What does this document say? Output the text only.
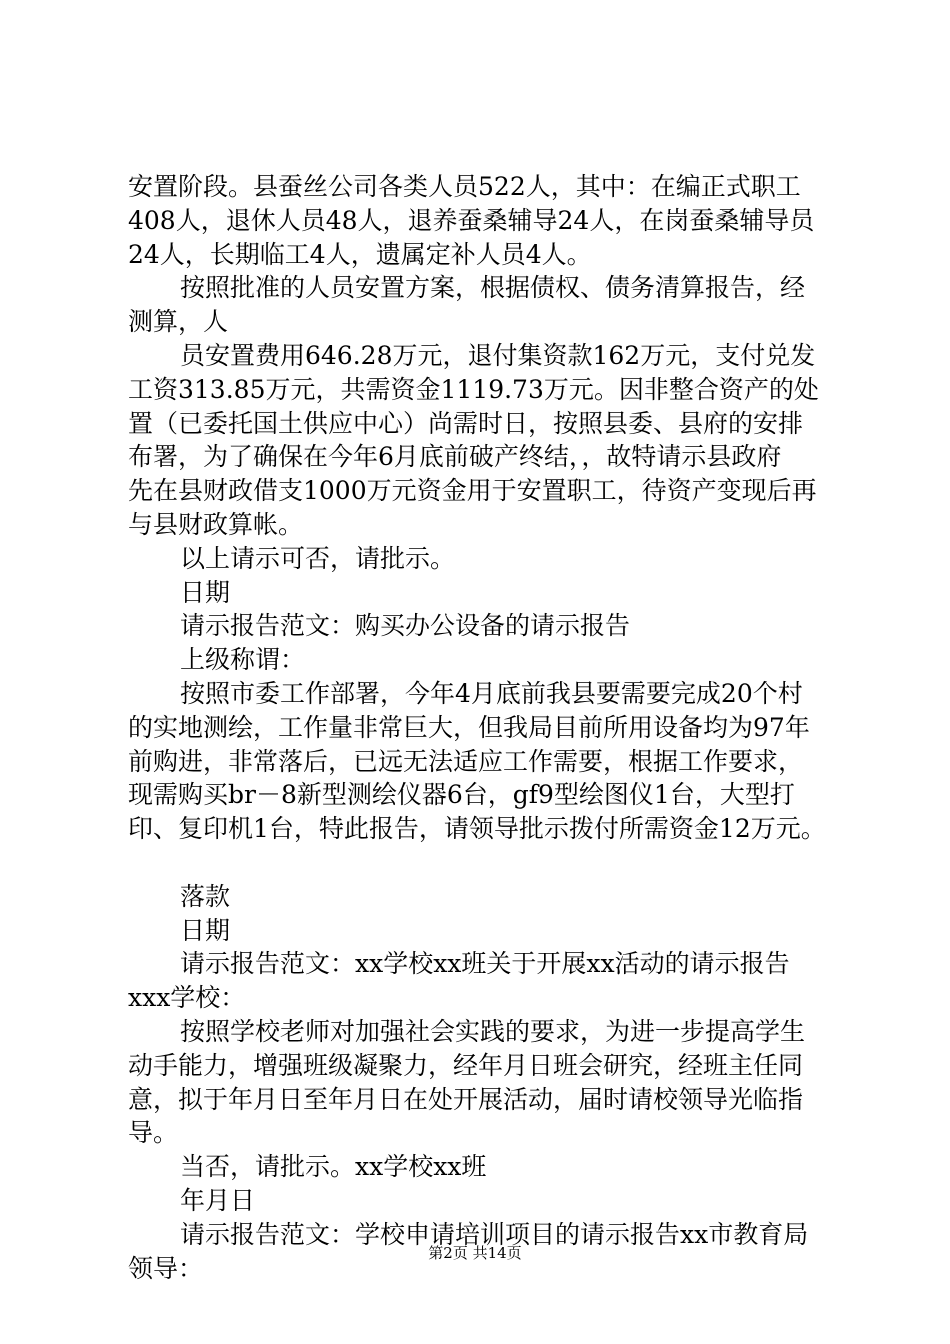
安置阶段。县蚕丝公司各类人员522人，其中：在编正式职工
408人，退休人员48人，退养蚕桑辅导24人，在岗蚕桑辅导员
24人，长期临工4人，遗属定补人员4人。
按照批准的人员安置方案，根据债权、债务清算报告，经
测算，人
员安置费用646.28万元，退付集资款162万元，支付兑发
工资313.85万元，共需资金1119.73万元。因非整合资产的处
置（已委托国土供应中心）尚需时日，按照县委、县府的安排
布署，为了确保在今年6月底前破产终结，，故特请示县政府
先在县财政借支1000万元资金用于安置职工，待资产变现后再
与县财政算帐。
以上请示可否，请批示。
日期
请示报告范文：购买办公设备的请示报告
上级称谓：
按照市委工作部署，今年4月底前我县要需要完成20个村
的实地测绘，工作量非常巨大，但我局目前所用设备均为97年
前购进，非常落后，已远无法适应工作需要，根据工作要求，
现需购买br－8新型测绘仪器6台，gf9型绘图仪1台，大型打
印、复印机1台，特此报告，请领导批示拨付所需资金12万元。
落款
日期
请示报告范文：xx学校xx班关于开展xx活动的请示报告
xxx学校：
按照学校老师对加强社会实践的要求，为进一步提高学生
动手能力，增强班级凝聚力，经年月日班会研究，经班主任同
意，拟于年月日至年月日在处开展活动，届时请校领导光临指
导。
当否，请批示。xx学校xx班
年月日
请示报告范文：学校申请培训项目的请示报告xx市教育局
领导：
第2页 共14页
